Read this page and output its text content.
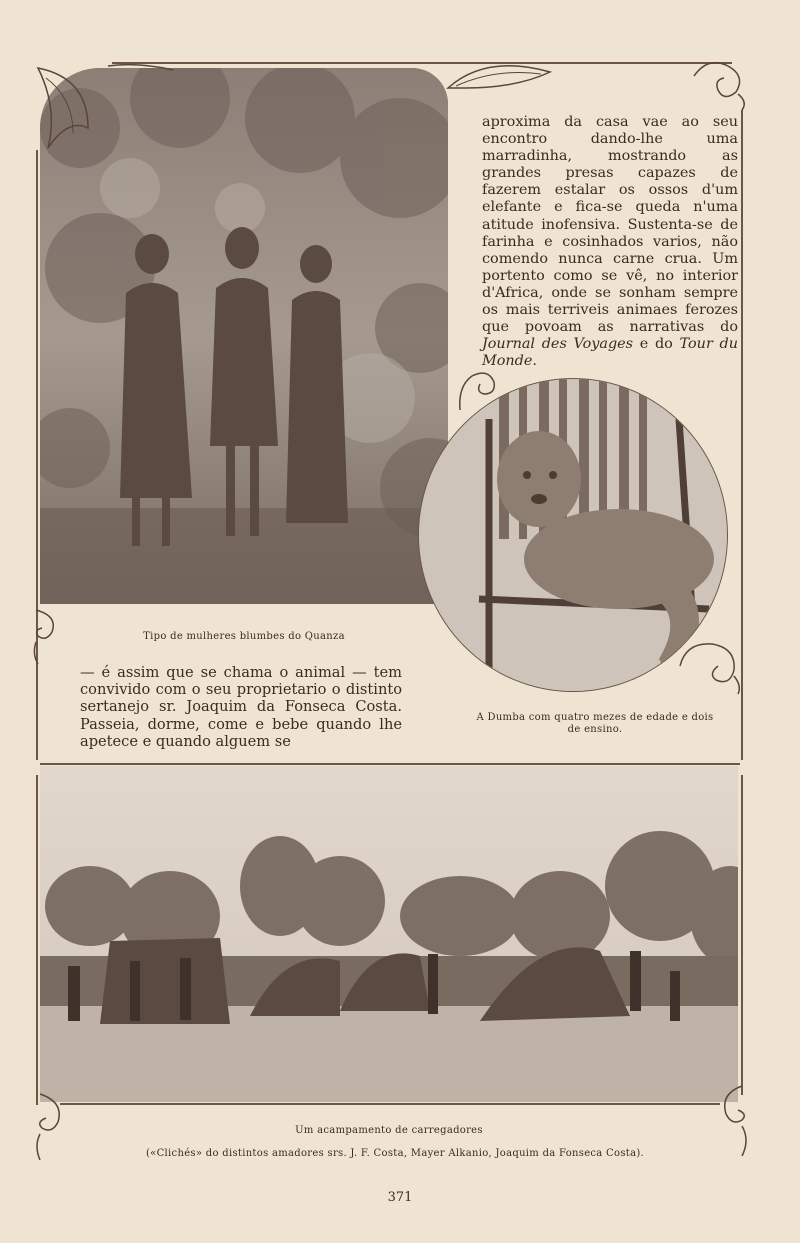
aproxima da casa vae ao seu encontro dando-lhe uma marradinha, mostrando as grandes presas capazes de fazerem estalar os ossos d'um elefante e fica-se queda n'uma atitude inofensiva. Sustenta-se de farinha e cosinhados varios, não comendo nunca carne crua. Um portento como se vê, no interior d'Africa, onde se sonham sempre os mais terriveis animaes ferozes que povoam as narrativas do Journal des Voyages e do Tour du Monde.

Tipo de mulheres blumbes do Quanza

— é assim que se chama o animal — tem convivido com o seu proprietario o distinto sertanejo sr. Joaquim da Fonseca Costa. Passeia, dorme, come e bebe quando lhe apetece e quando alguem se

A Dumba com quatro mezes de edade e dois de ensino.
Um acampamento de carregadores
(«Clichés» do distintos amadores srs. J. F. Costa, Mayer Alkanio, Joaquim da Fonseca Costa).
371
